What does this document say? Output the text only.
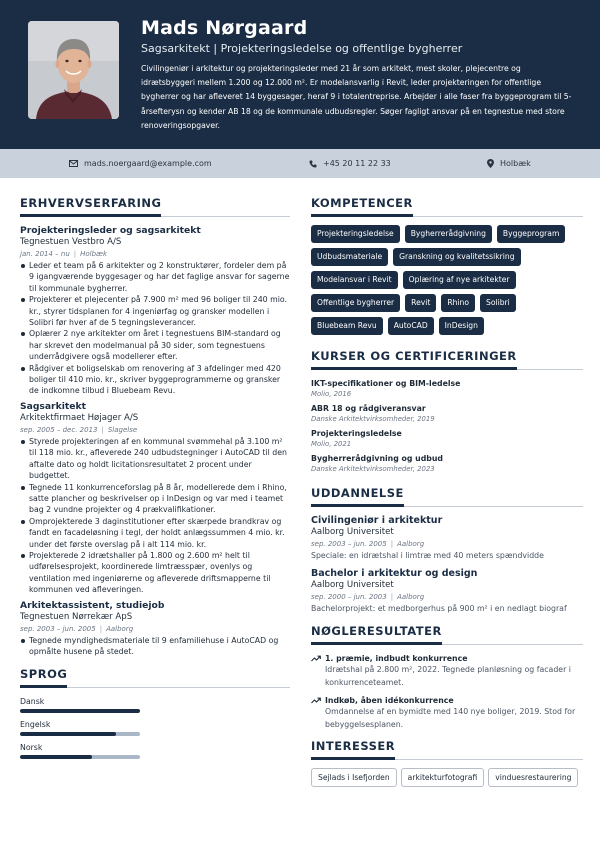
Mads Nørgaard
Sagsarkitekt | Projekteringsledelse og offentlige bygherrer
Civilingeniør i arkitektur og projekteringsleder med 21 år som arkitekt, mest skoler, plejecentre og idrætsbyggeri mellem 1.200 og 12.000 m². Er modelansvarlig i Revit, leder projekteringen for offentlige bygherrer og har afleveret 14 byggesager, heraf 9 i totalentreprise. Arbejder i alle faser fra byggeprogram til 5-årsefterysn og kender AB 18 og de kommunale udbudsregler. Søger fagligt ansvar på en tegnestue med store renoveringsopgaver.
mads.noergaard@example.com	+45 20 11 22 33	Holbæk
ERHVERVSERFARING
Projekteringsleder og sagsarkitekt
Tegnestuen Vestbro A/S
jan. 2014 – nu | Holbæk
Leder et team på 6 arkitekter og 2 konstruktører, fordeler dem på 9 igangværende byggesager og har det faglige ansvar for sagerne til kommunale bygherrer.
Projekterer et plejecenter på 7.900 m² med 96 boliger til 240 mio. kr., styrer tidsplanen for 4 ingeniørfag og gransker modellen i Solibri før hver af de 5 tegningsleverancer.
Oplærer 2 nye arkitekter om året i tegnestuens BIM-standard og har skrevet den modelmanual på 30 sider, som tegnestuens underrådgivere også modellerer efter.
Rådgiver et boligselskab om renovering af 3 afdelinger med 420 boliger til 410 mio. kr., skriver byggeprogrammerne og gransker de indkomne tilbud i Bluebeam Revu.
Sagsarkitekt
Arkitektfirmaet Højager A/S
sep. 2005 – dec. 2013 | Slagelse
Styrede projekteringen af en kommunal svømmehal på 3.100 m² til 118 mio. kr., afleverede 240 udbudstegninger i AutoCAD til den aftalte dato og holdt licitationsresultatet 2 procent under budgettet.
Tegnede 11 konkurrenceforslag på 8 år, modellerede dem i Rhino, satte plancher og beskrivelser op i InDesign og var med i teamet bag 2 vundne projekter og 4 prækvalifikationer.
Omprojekterede 3 daginstitutioner efter skærpede brandkrav og fandt en facadeløsning i tegl, der holdt anlægssummen 4 mio. kr. under det første overslag på i alt 114 mio. kr.
Projekterede 2 idrætshaller på 1.800 og 2.600 m² helt til udførelsesprojekt, koordinerede limtræsspær, ovenlys og ventilation med ingeniørerne og afleverede driftsmapperne til kommunen ved afleveringen.
Arkitektassistent, studiejob
Tegnestuen Nørrekær ApS
sep. 2003 – jun. 2005 | Aalborg
Tegnede myndighedsmateriale til 9 enfamiliehuse i AutoCAD og opmålte husene på stedet.
SPROG
Dansk
Engelsk
Norsk
KOMPETENCER
Projekteringsledelse	Bygherrerådgivning	Byggeprogram
Udbudsmateriale	Granskning og kvalitetssikring
Modelansvar i Revit	Oplæring af nye arkitekter
Offentlige bygherrer	Revit	Rhino	Solibri
Bluebeam Revu	AutoCAD	InDesign
KURSER OG CERTIFICERINGER
IKT-specifikationer og BIM-ledelse
Molio, 2016
ABR 18 og rådgiveransvar
Danske Arkitektvirksomheder, 2019
Projekteringsledelse
Molio, 2021
Bygherrerådgivning og udbud
Danske Arkitektvirksomheder, 2023
UDDANNELSE
Civilingeniør i arkitektur
Aalborg Universitet
sep. 2003 – jun. 2005 | Aalborg
Speciale: en idrætshal i limtræ med 40 meters spændvidde
Bachelor i arkitektur og design
Aalborg Universitet
sep. 2000 – jun. 2003 | Aalborg
Bachelorprojekt: et medborgerhus på 900 m² i en nedlagt biograf
NØGLERESULTATER
1. præmie, indbudt konkurrence
Idrætshal på 2.800 m², 2022. Tegnede planløsning og facader i konkurrenceteamet.
Indkøb, åben idékonkurrence
Omdannelse af en bymidte med 140 nye boliger, 2019. Stod for bebyggelsesplanen.
INTERESSER
Sejlads i Isefjorden	arkitekturfotografi	vinduesrestaurering
